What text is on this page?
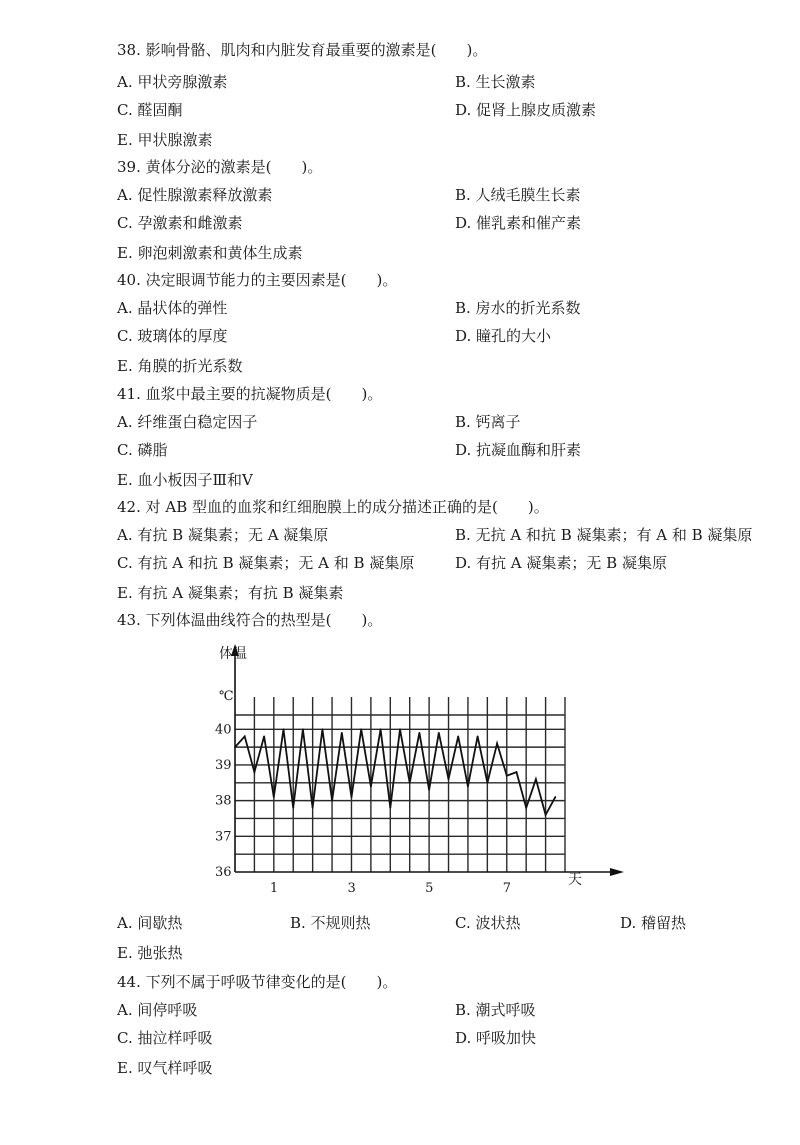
38. 影响骨骼、肌肉和内脏发育最重要的激素是(　　)。
A. 甲状旁腺激素	B. 生长激素
C. 醛固酮	D. 促肾上腺皮质激素
E. 甲状腺激素
39. 黄体分泌的激素是(　　)。
A. 促性腺激素释放激素	B. 人绒毛膜生长素
C. 孕激素和雌激素	D. 催乳素和催产素
E. 卵泡刺激素和黄体生成素
40. 决定眼调节能力的主要因素是(　　)。
A. 晶状体的弹性	B. 房水的折光系数
C. 玻璃体的厚度	D. 瞳孔的大小
E. 角膜的折光系数
41. 血浆中最主要的抗凝物质是(　　)。
A. 纤维蛋白稳定因子	B. 钙离子
C. 磷脂	D. 抗凝血酶和肝素
E. 血小板因子Ⅲ和Ⅴ
42. 对 AB 型血的血浆和红细胞膜上的成分描述正确的是(　　)。
A. 有抗 B 凝集素；无 A 凝集原	B. 无抗 A 和抗 B 凝集素；有 A 和 B 凝集原
C. 有抗 A 和抗 B 凝集素；无 A 和 B 凝集原	D. 有抗 A 凝集素；无 B 凝集原
E. 有抗 A 凝集素；有抗 B 凝集素
43. 下列体温曲线符合的热型是(　　)。
44. 下列不属于呼吸节律变化的是(　　)。
A. 间停呼吸	B. 潮式呼吸
C. 抽泣样呼吸	D. 呼吸加快
E. 叹气样呼吸
A. 间歇热	B. 不规则热	C. 波状热	D. 稽留热
E. 弛张热
36
37
38
39
40
1	3	5	7
体温
℃
天
